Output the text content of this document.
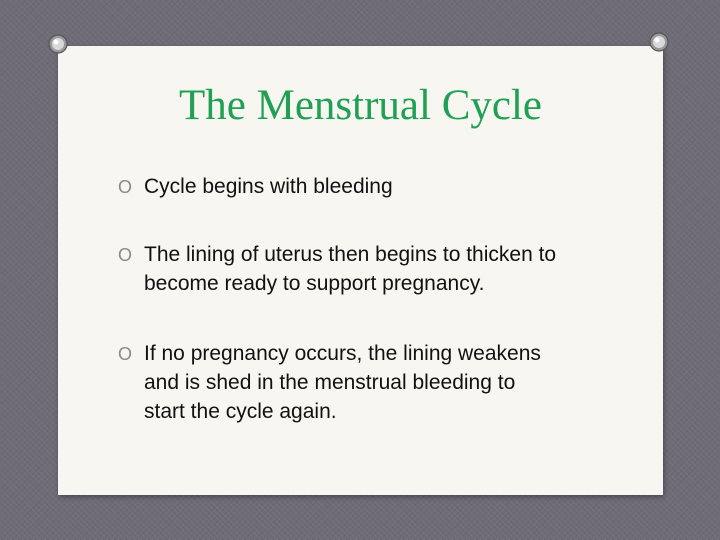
The Menstrual Cycle
O Cycle begins with bleeding
O The lining of uterus then begins to thicken to become ready to support pregnancy.
O If no pregnancy occurs, the lining weakens and is shed in the menstrual bleeding to start the cycle again.
